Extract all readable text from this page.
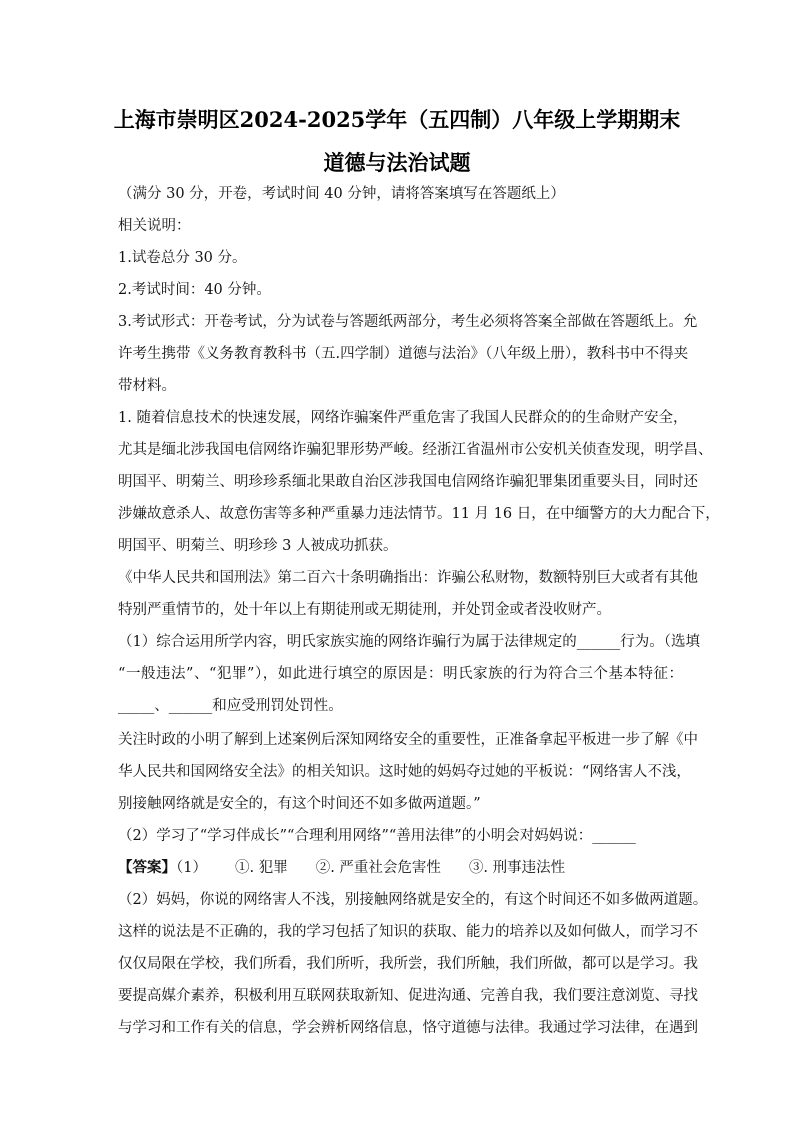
上海市崇明区2024-2025学年（五四制）八年级上学期期末
道德与法治试题
（满分 30 分，开卷，考试时间 40 分钟，请将答案填写在答题纸上）
相关说明：
1.试卷总分 30 分。
2.考试时间：40 分钟。
3.考试形式：开卷考试，分为试卷与答题纸两部分，考生必须将答案全部做在答题纸上。允
许考生携带《义务教育教科书（五.四学制）道德与法治》（八年级上册），教科书中不得夹
带材料。
1. 随着信息技术的快速发展，网络诈骗案件严重危害了我国人民群众的的生命财产安全，
尤其是缅北涉我国电信网络诈骗犯罪形势严峻。经浙江省温州市公安机关侦查发现，明学昌、
明国平、明菊兰、明珍珍系缅北果敢自治区涉我国电信网络诈骗犯罪集团重要头目，同时还
涉嫌故意杀人、故意伤害等多种严重暴力违法情节。11 月 16 日，在中缅警方的大力配合下，
明国平、明菊兰、明珍珍 3 人被成功抓获。
《中华人民共和国刑法》第二百六十条明确指出：诈骗公私财物，数额特别巨大或者有其他
特别严重情节的，处十年以上有期徒刑或无期徒刑，并处罚金或者没收财产。
（1）综合运用所学内容，明氏家族实施的网络诈骗行为属于法律规定的______行为。（选填
“一般违法”、“犯罪”），如此进行填空的原因是：明氏家族的行为符合三个基本特征：
_____、______和应受刑罚处罚性。
关注时政的小明了解到上述案例后深知网络安全的重要性，正准备拿起平板进一步了解《中
华人民共和国网络安全法》的相关知识。这时她的妈妈夺过她的平板说：“网络害人不浅，
别接触网络就是安全的，有这个时间还不如多做两道题。”
（2）学习了“学习伴成长”“合理利用网络”“善用法律”的小明会对妈妈说：______
【答案】（1） ①. 犯罪 ②. 严重社会危害性 ③. 刑事违法性
（2）妈妈，你说的网络害人不浅，别接触网络就是安全的，有这个时间还不如多做两道题。
这样的说法是不正确的，我的学习包括了知识的获取、能力的培养以及如何做人，而学习不
仅仅局限在学校，我们所看，我们所听，我所尝，我们所触，我们所做，都可以是学习。我
要提高媒介素养，积极利用互联网获取新知、促进沟通、完善自我，我们要注意浏览、寻找
与学习和工作有关的信息，学会辨析网络信息，恪守道德与法律。我通过学习法律，在遇到
